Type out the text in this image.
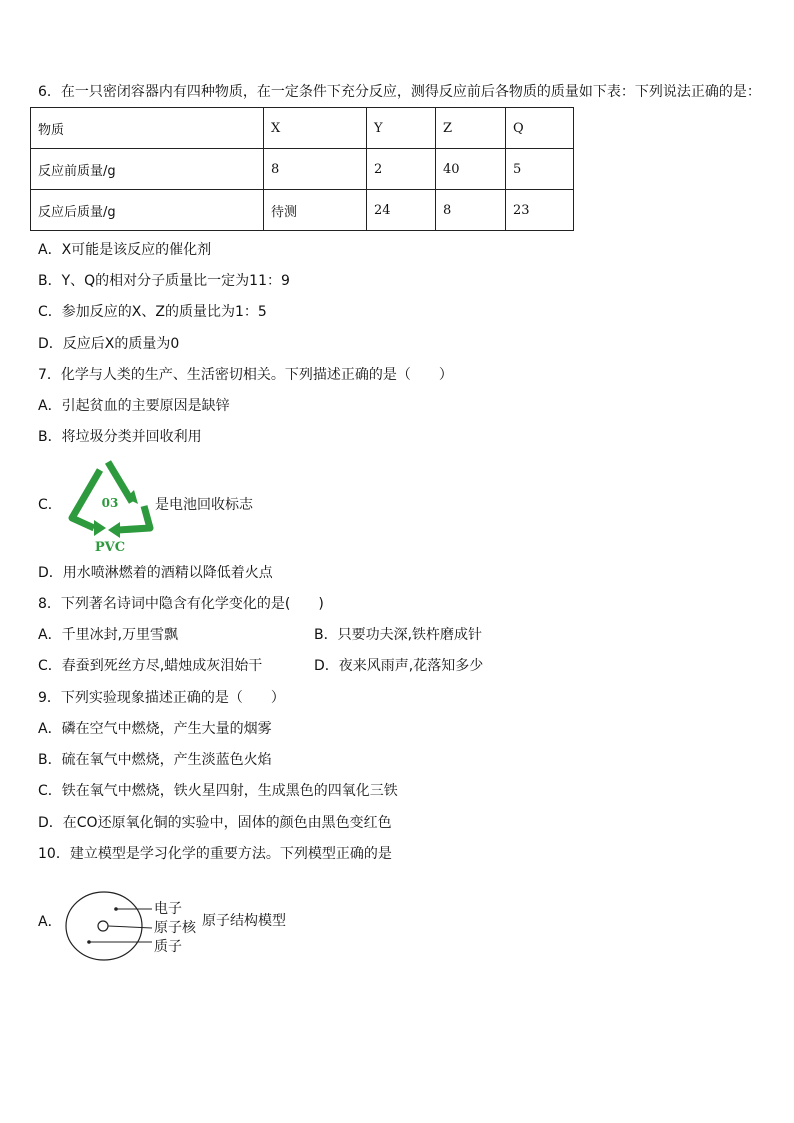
6．在一只密闭容器内有四种物质，在一定条件下充分反应，测得反应前后各物质的质量如下表：下列说法正确的是：
物质	X	Y	Z	Q
反应前质量/g	8	2	40	5
反应后质量/g	待测	24	8	23
A．X可能是该反应的催化剂
B．Y、Q的相对分子质量比一定为11：9
C．参加反应的X、Z的质量比为1：5
D．反应后X的质量为0
7．化学与人类的生产、生活密切相关。下列描述正确的是（　　）
A．引起贫血的主要原因是缺锌
B．将垃圾分类并回收利用
C．	03
PVC
是电池回收标志
D．用水喷淋燃着的酒精以降低着火点
8．下列著名诗词中隐含有化学变化的是(　　)
A．千里冰封,万里雪飘	B．只要功夫深,铁杵磨成针
C．春蚕到死丝方尽,蜡烛成灰泪始干	D．夜来风雨声,花落知多少
9．下列实验现象描述正确的是（　　）
A．磷在空气中燃烧，产生大量的烟雾
B．硫在氧气中燃烧，产生淡蓝色火焰
C．铁在氧气中燃烧，铁火星四射，生成黑色的四氧化三铁
D．在CO还原氧化铜的实验中，固体的颜色由黑色变红色
10．建立模型是学习化学的重要方法。下列模型正确的是
A．
电子
原子核
质子
原子结构模型
